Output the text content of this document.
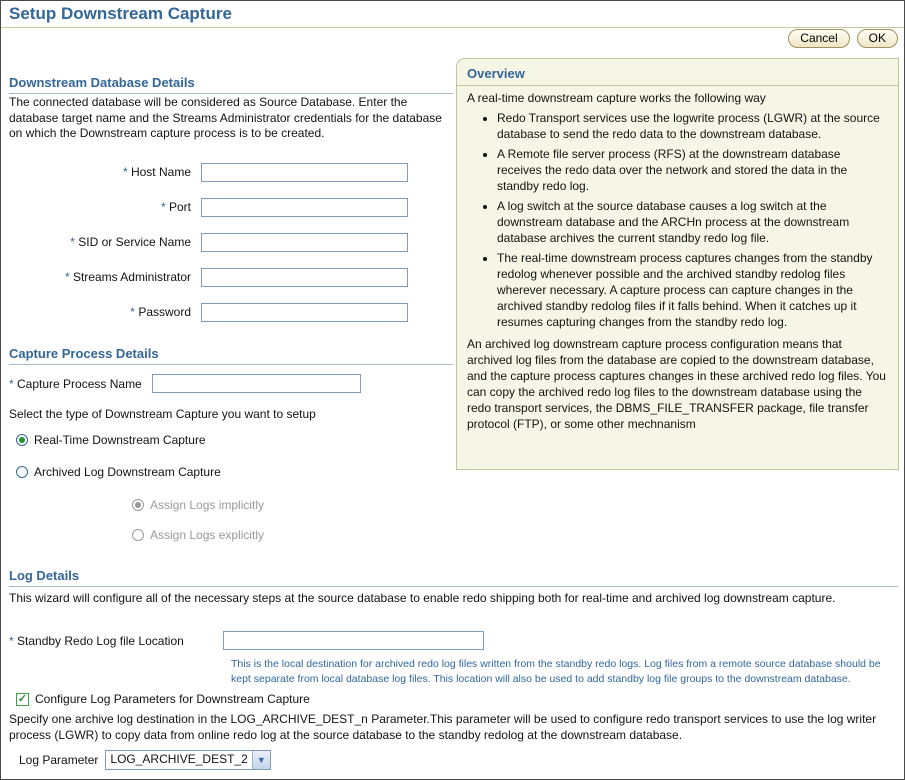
Setup Downstream Capture
Cancel	OK
Downstream Database Details

The connected database will be considered as Source Database. Enter the database target name and the Streams Administrator credentials for the database on which the Downstream capture process is to be created.

* Host Name
* Port
* SID or Service Name
* Streams Administrator
* Password
Capture Process Details
* Capture Process Name

Select the type of Downstream Capture you want to setup

Real-Time Downstream Capture
Archived Log Downstream Capture
Assign Logs implicitly
Assign Logs explicitly
Overview

A real-time downstream capture works the following way

• Redo Transport services use the logwrite process (LGWR) at the source database to send the redo data to the downstream database.
• A Remote file server process (RFS) at the downstream database receives the redo data over the network and stored the data in the standby redo log.
• A log switch at the source database causes a log switch at the downstream database and the ARCHn process at the downstream database archives the current standby redo log file.
• The real-time downstream process captures changes from the standby redolog whenever possible and the archived standby redolog files wherever necessary. A capture process can capture changes in the archived standby redolog files if it falls behind. When it catches up it resumes capturing changes from the standby redo log.

An archived log downstream capture process configuration means that archived log files from the database are copied to the downstream database, and the capture process captures changes in these archived redo log files. You can copy the archived redo log files to the downstream database using the redo transport services, the DBMS_FILE_TRANSFER package, file transfer protocol (FTP), or some other mechnanism

Log Details

This wizard will configure all of the necessary steps at the source database to enable redo shipping both for real-time and archived log downstream capture.

* Standby Redo Log file Location

This is the local destination for archived redo log files written from the standby redo logs. Log files from a remote source database should be kept separate from local database log files. This location will also be used to add standby log file groups to the downstream database.

✓ Configure Log Parameters for Downstream Capture

Specify one archive log destination in the LOG_ARCHIVE_DEST_n Parameter.This parameter will be used to configure redo transport services to use the log writer process (LGWR) to copy data from online redo log at the source database to the standby redolog at the downstream database.

Log Parameter	LOG_ARCHIVE_DEST_2	▼
